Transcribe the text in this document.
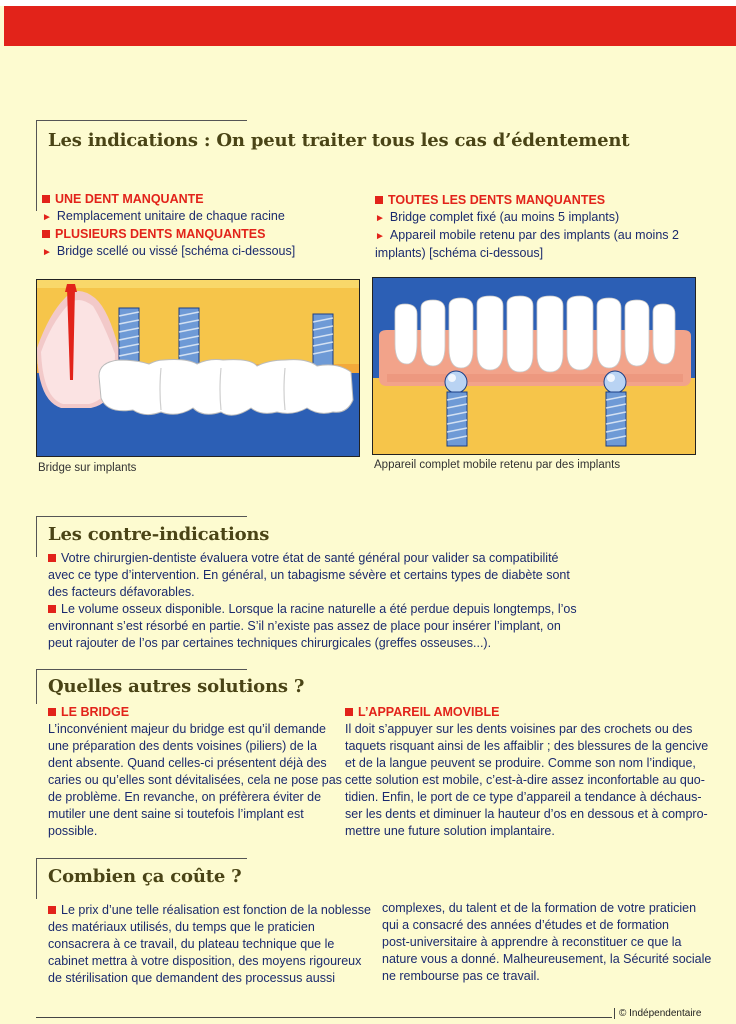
Les indications : On peut traiter tous les cas d’édentement
UNE DENT MANQUANTE
► Remplacement unitaire de chaque racine
PLUSIEURS DENTS MANQUANTES
► Bridge scellé ou vissé [schéma ci-dessous]
TOUTES LES DENTS MANQUANTES
► Bridge complet fixé (au moins 5 implants)
► Appareil mobile retenu par des implants (au moins 2
implants) [schéma ci-dessous]
Bridge sur implants	Appareil complet mobile retenu par des implants
Les contre-indications
Votre chirurgien-dentiste évaluera votre état de santé général pour valider sa compatibilité
avec ce type d’intervention. En général, un tabagisme sévère et certains types de diabète sont
des facteurs défavorables.
Le volume osseux disponible. Lorsque la racine naturelle a été perdue depuis longtemps, l’os
environnant s’est résorbé en partie. S’il n’existe pas assez de place pour insérer l’implant, on
peut rajouter de l’os par certaines techniques chirurgicales (greffes osseuses...).
Quelles autres solutions ?
LE BRIDGE
L’inconvénient majeur du bridge est qu’il demande
une préparation des dents voisines (piliers) de la
dent absente. Quand celles-ci présentent déjà des
caries ou qu’elles sont dévitalisées, cela ne pose pas
de problème. En revanche, on préfèrera éviter de
mutiler une dent saine si toutefois l’implant est
possible.
L’APPAREIL AMOVIBLE
Il doit s’appuyer sur les dents voisines par des crochets ou des
taquets risquant ainsi de les affaiblir ; des blessures de la gencive
et de la langue peuvent se produire. Comme son nom l’indique,
cette solution est mobile, c’est-à-dire assez inconfortable au quo-
tidien. Enfin, le port de ce type d’appareil a tendance à déchaus-
ser les dents et diminuer la hauteur d’os en dessous et à compro-
mettre une future solution implantaire.
Combien ça coûte ?
Le prix d’une telle réalisation est fonction de la noblesse
des matériaux utilisés, du temps que le praticien
consacrera à ce travail, du plateau technique que le
cabinet mettra à votre disposition, des moyens rigoureux
de stérilisation que demandent des processus aussi
complexes, du talent et de la formation de votre praticien
qui a consacré des années d’études et de formation
post-universitaire à apprendre à reconstituer ce que la
nature vous a donné. Malheureusement, la Sécurité sociale
ne rembourse pas ce travail.
© Indépendentaire
